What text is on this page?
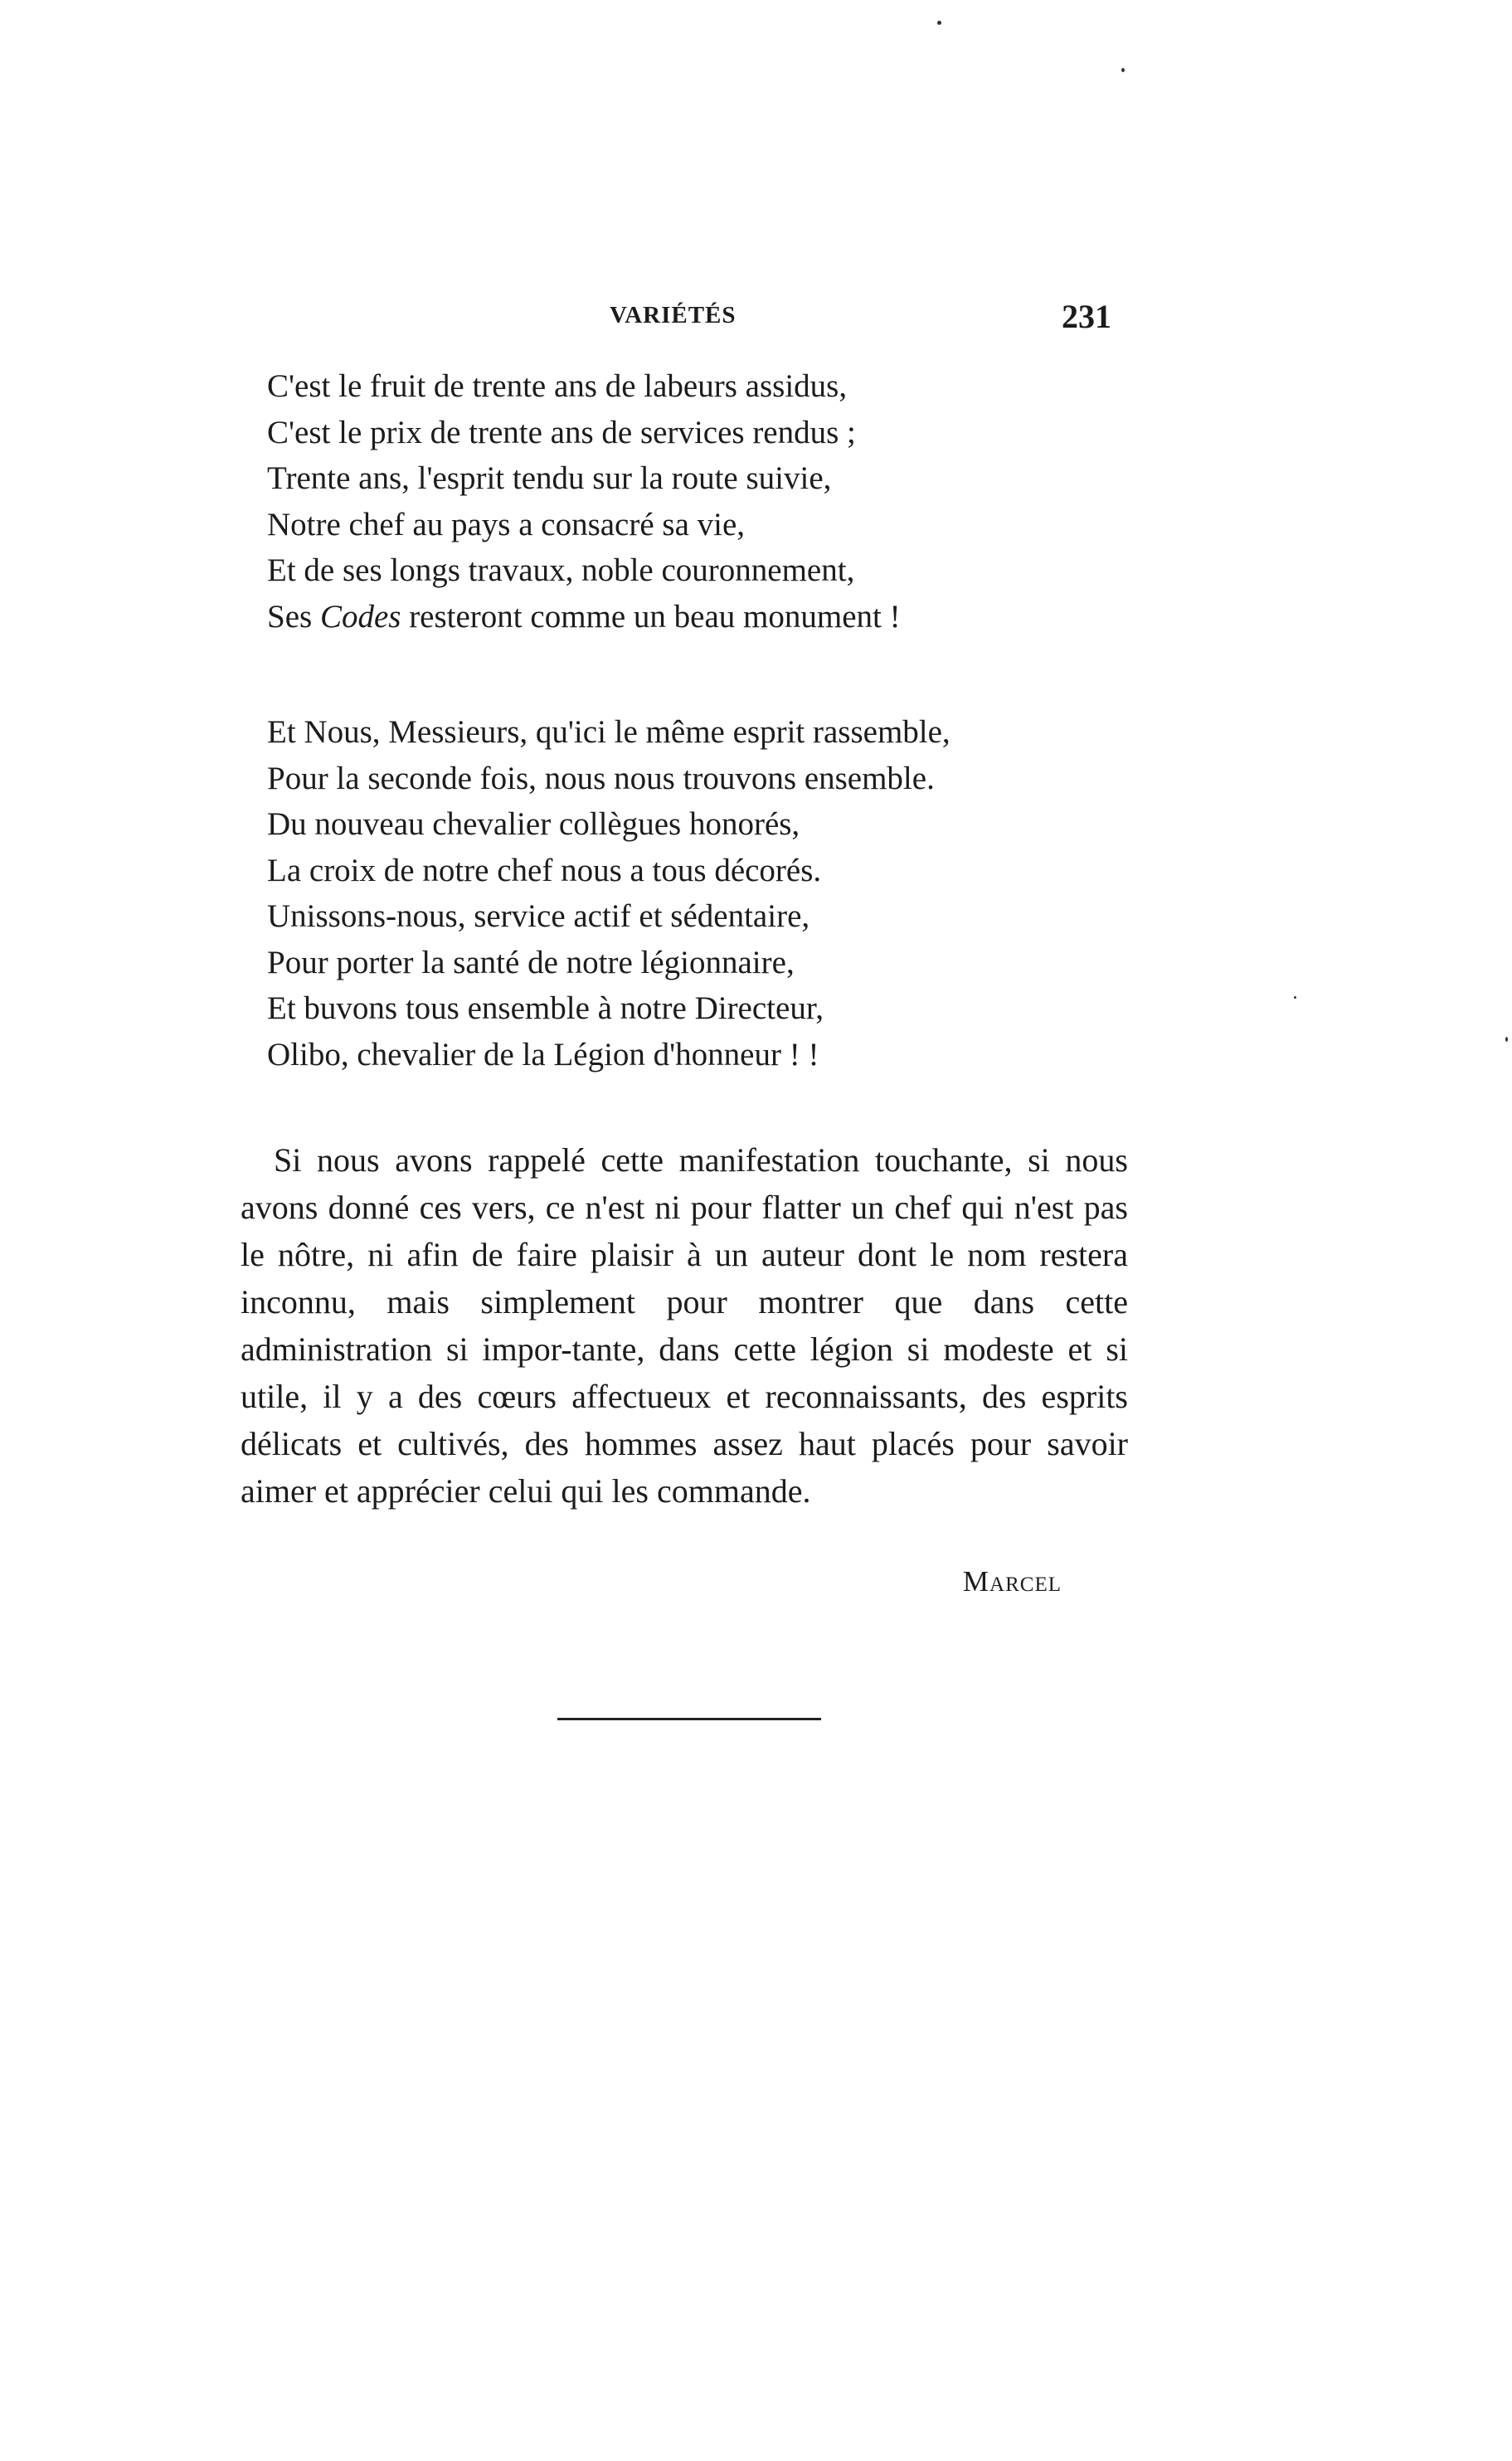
VARIÉTÉS	231
C'est le fruit de trente ans de labeurs assidus,
C'est le prix de trente ans de services rendus ;
Trente ans, l'esprit tendu sur la route suivie,
Notre chef au pays a consacré sa vie,
Et de ses longs travaux, noble couronnement,
Ses Codes resteront comme un beau monument !
Et Nous, Messieurs, qu'ici le même esprit rassemble,
Pour la seconde fois, nous nous trouvons ensemble.
Du nouveau chevalier collègues honorés,
La croix de notre chef nous a tous décorés.
Unissons-nous, service actif et sédentaire,
Pour porter la santé de notre légionnaire,
Et buvons tous ensemble à notre Directeur,
Olibo, chevalier de la Légion d'honneur ! !
Si nous avons rappelé cette manifestation touchante, si nous avons donné ces vers, ce n'est ni pour flatter un chef qui n'est pas le nôtre, ni afin de faire plaisir à un auteur dont le nom restera inconnu, mais simplement pour montrer que dans cette administration si impor-tante, dans cette légion si modeste et si utile, il y a des cœurs affectueux et reconnaissants, des esprits délicats et cultivés, des hommes assez haut placés pour savoir aimer et apprécier celui qui les commande.
Marcel
